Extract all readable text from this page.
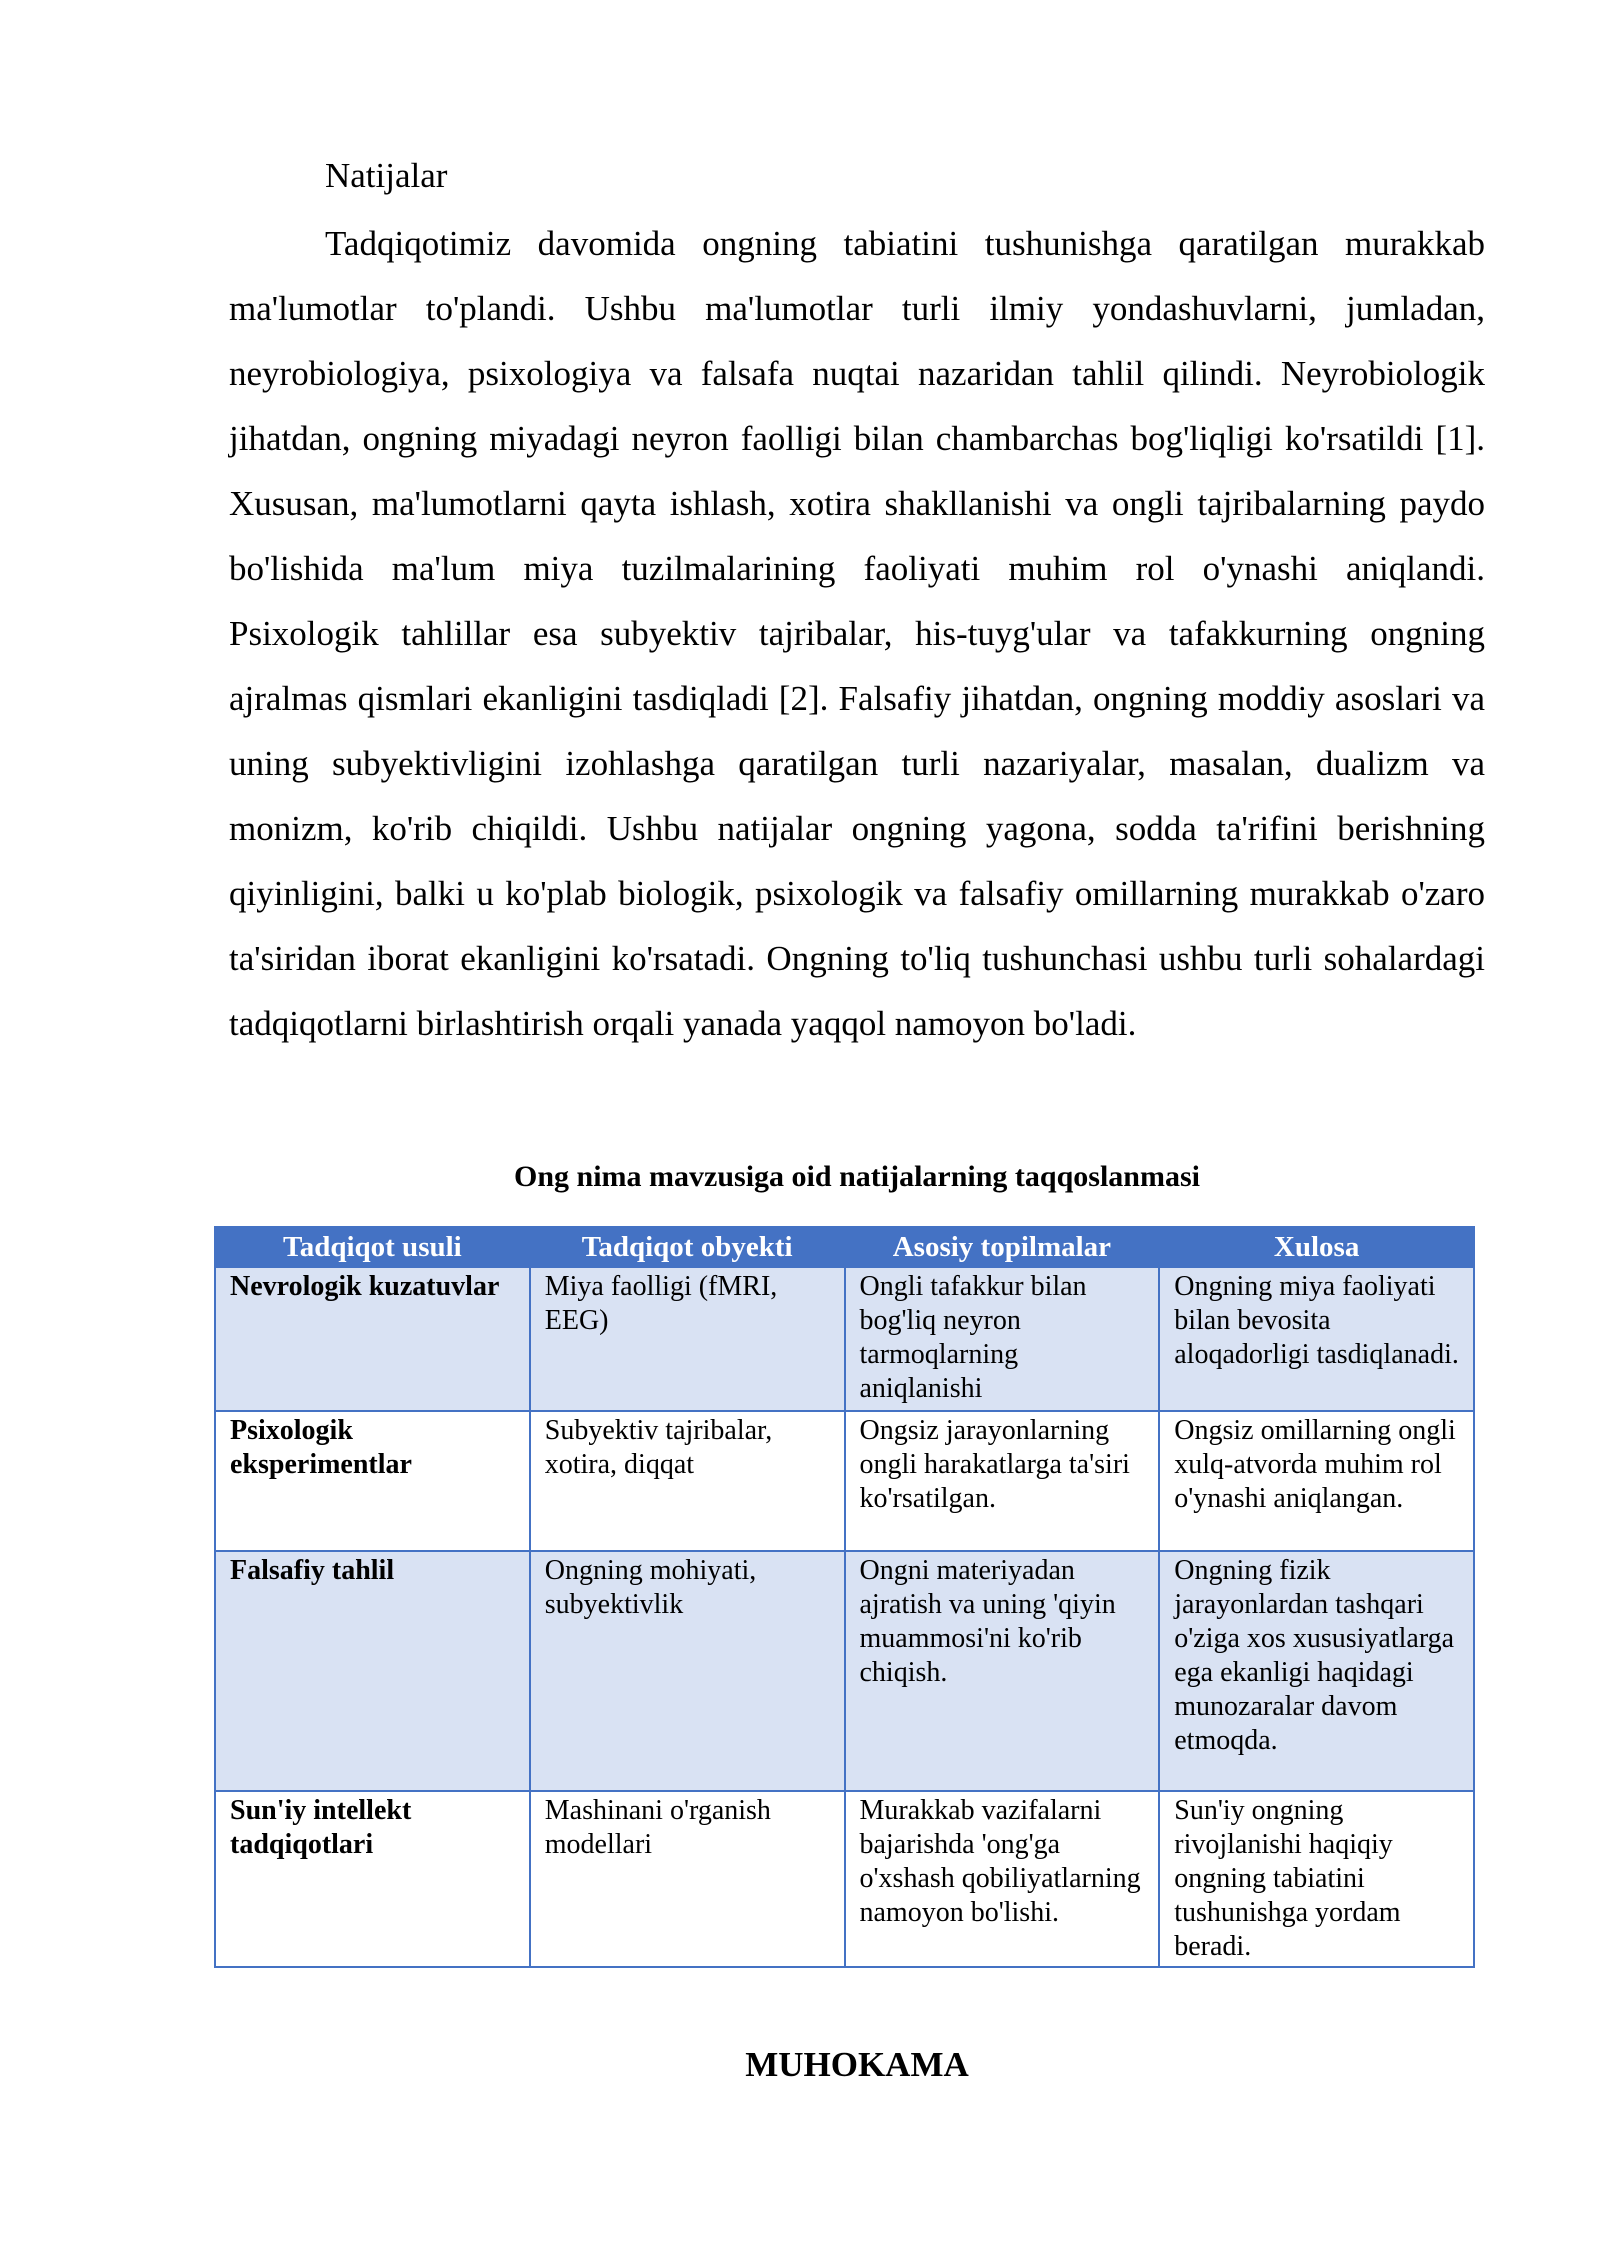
Natijalar

Tadqiqotimiz davomida ongning tabiatini tushunishga qaratilgan murakkab ma'lumotlar to'plandi. Ushbu ma'lumotlar turli ilmiy yondashuvlarni, jumladan, neyrobiologiya, psixologiya va falsafa nuqtai nazaridan tahlil qilindi. Neyrobiologik jihatdan, ongning miyadagi neyron faolligi bilan chambarchas bog'liqligi ko'rsatildi [1]. Xususan, ma'lumotlarni qayta ishlash, xotira shakllanishi va ongli tajribalarning paydo bo'lishida ma'lum miya tuzilmalarining faoliyati muhim rol o'ynashi aniqlandi. Psixologik tahlillar esa subyektiv tajribalar, his-tuyg'ular va tafakkurning ongning ajralmas qismlari ekanligini tasdiqladi [2]. Falsafiy jihatdan, ongning moddiy asoslari va uning subyektivligini izohlashga qaratilgan turli nazariyalar, masalan, dualizm va monizm, ko'rib chiqildi. Ushbu natijalar ongning yagona, sodda ta'rifini berishning qiyinligini, balki u ko'plab biologik, psixologik va falsafiy omillarning murakkab o'zaro ta'siridan iborat ekanligini ko'rsatadi. Ongning to'liq tushunchasi ushbu turli sohalardagi tadqiqotlarni birlashtirish orqali yanada yaqqol namoyon bo'ladi.

Ong nima mavzusiga oid natijalarning taqqoslanmasi
Tadqiqot usuli	Tadqiqot obyekti	Asosiy topilmalar	Xulosa
Nevrologik kuzatuvlar	Miya faolligi (fMRI, EEG)	Ongli tafakkur bilan bog'liq neyron tarmoqlarning aniqlanishi	Ongning miya faoliyati bilan bevosita aloqadorligi tasdiqlanadi.
Psixologik eksperimentlar	Subyektiv tajribalar, xotira, diqqat	Ongsiz jarayonlarning ongli harakatlarga ta'siri ko'rsatilgan.	Ongsiz omillarning ongli xulq-atvorda muhim rol o'ynashi aniqlangan.
Falsafiy tahlil	Ongning mohiyati, subyektivlik	Ongni materiyadan ajratish va uning 'qiyin muammosi'ni ko'rib chiqish.	Ongning fizik jarayonlardan tashqari o'ziga xos xususiyatlarga ega ekanligi haqidagi munozaralar davom etmoqda.
Sun'iy intellekt tadqiqotlari	Mashinani o'rganish modellari	Murakkab vazifalarni bajarishda 'ong'ga o'xshash qobiliyatlarning namoyon bo'lishi.	Sun'iy ongning rivojlanishi haqiqiy ongning tabiatini tushunishga yordam beradi.
MUHOKAMA
